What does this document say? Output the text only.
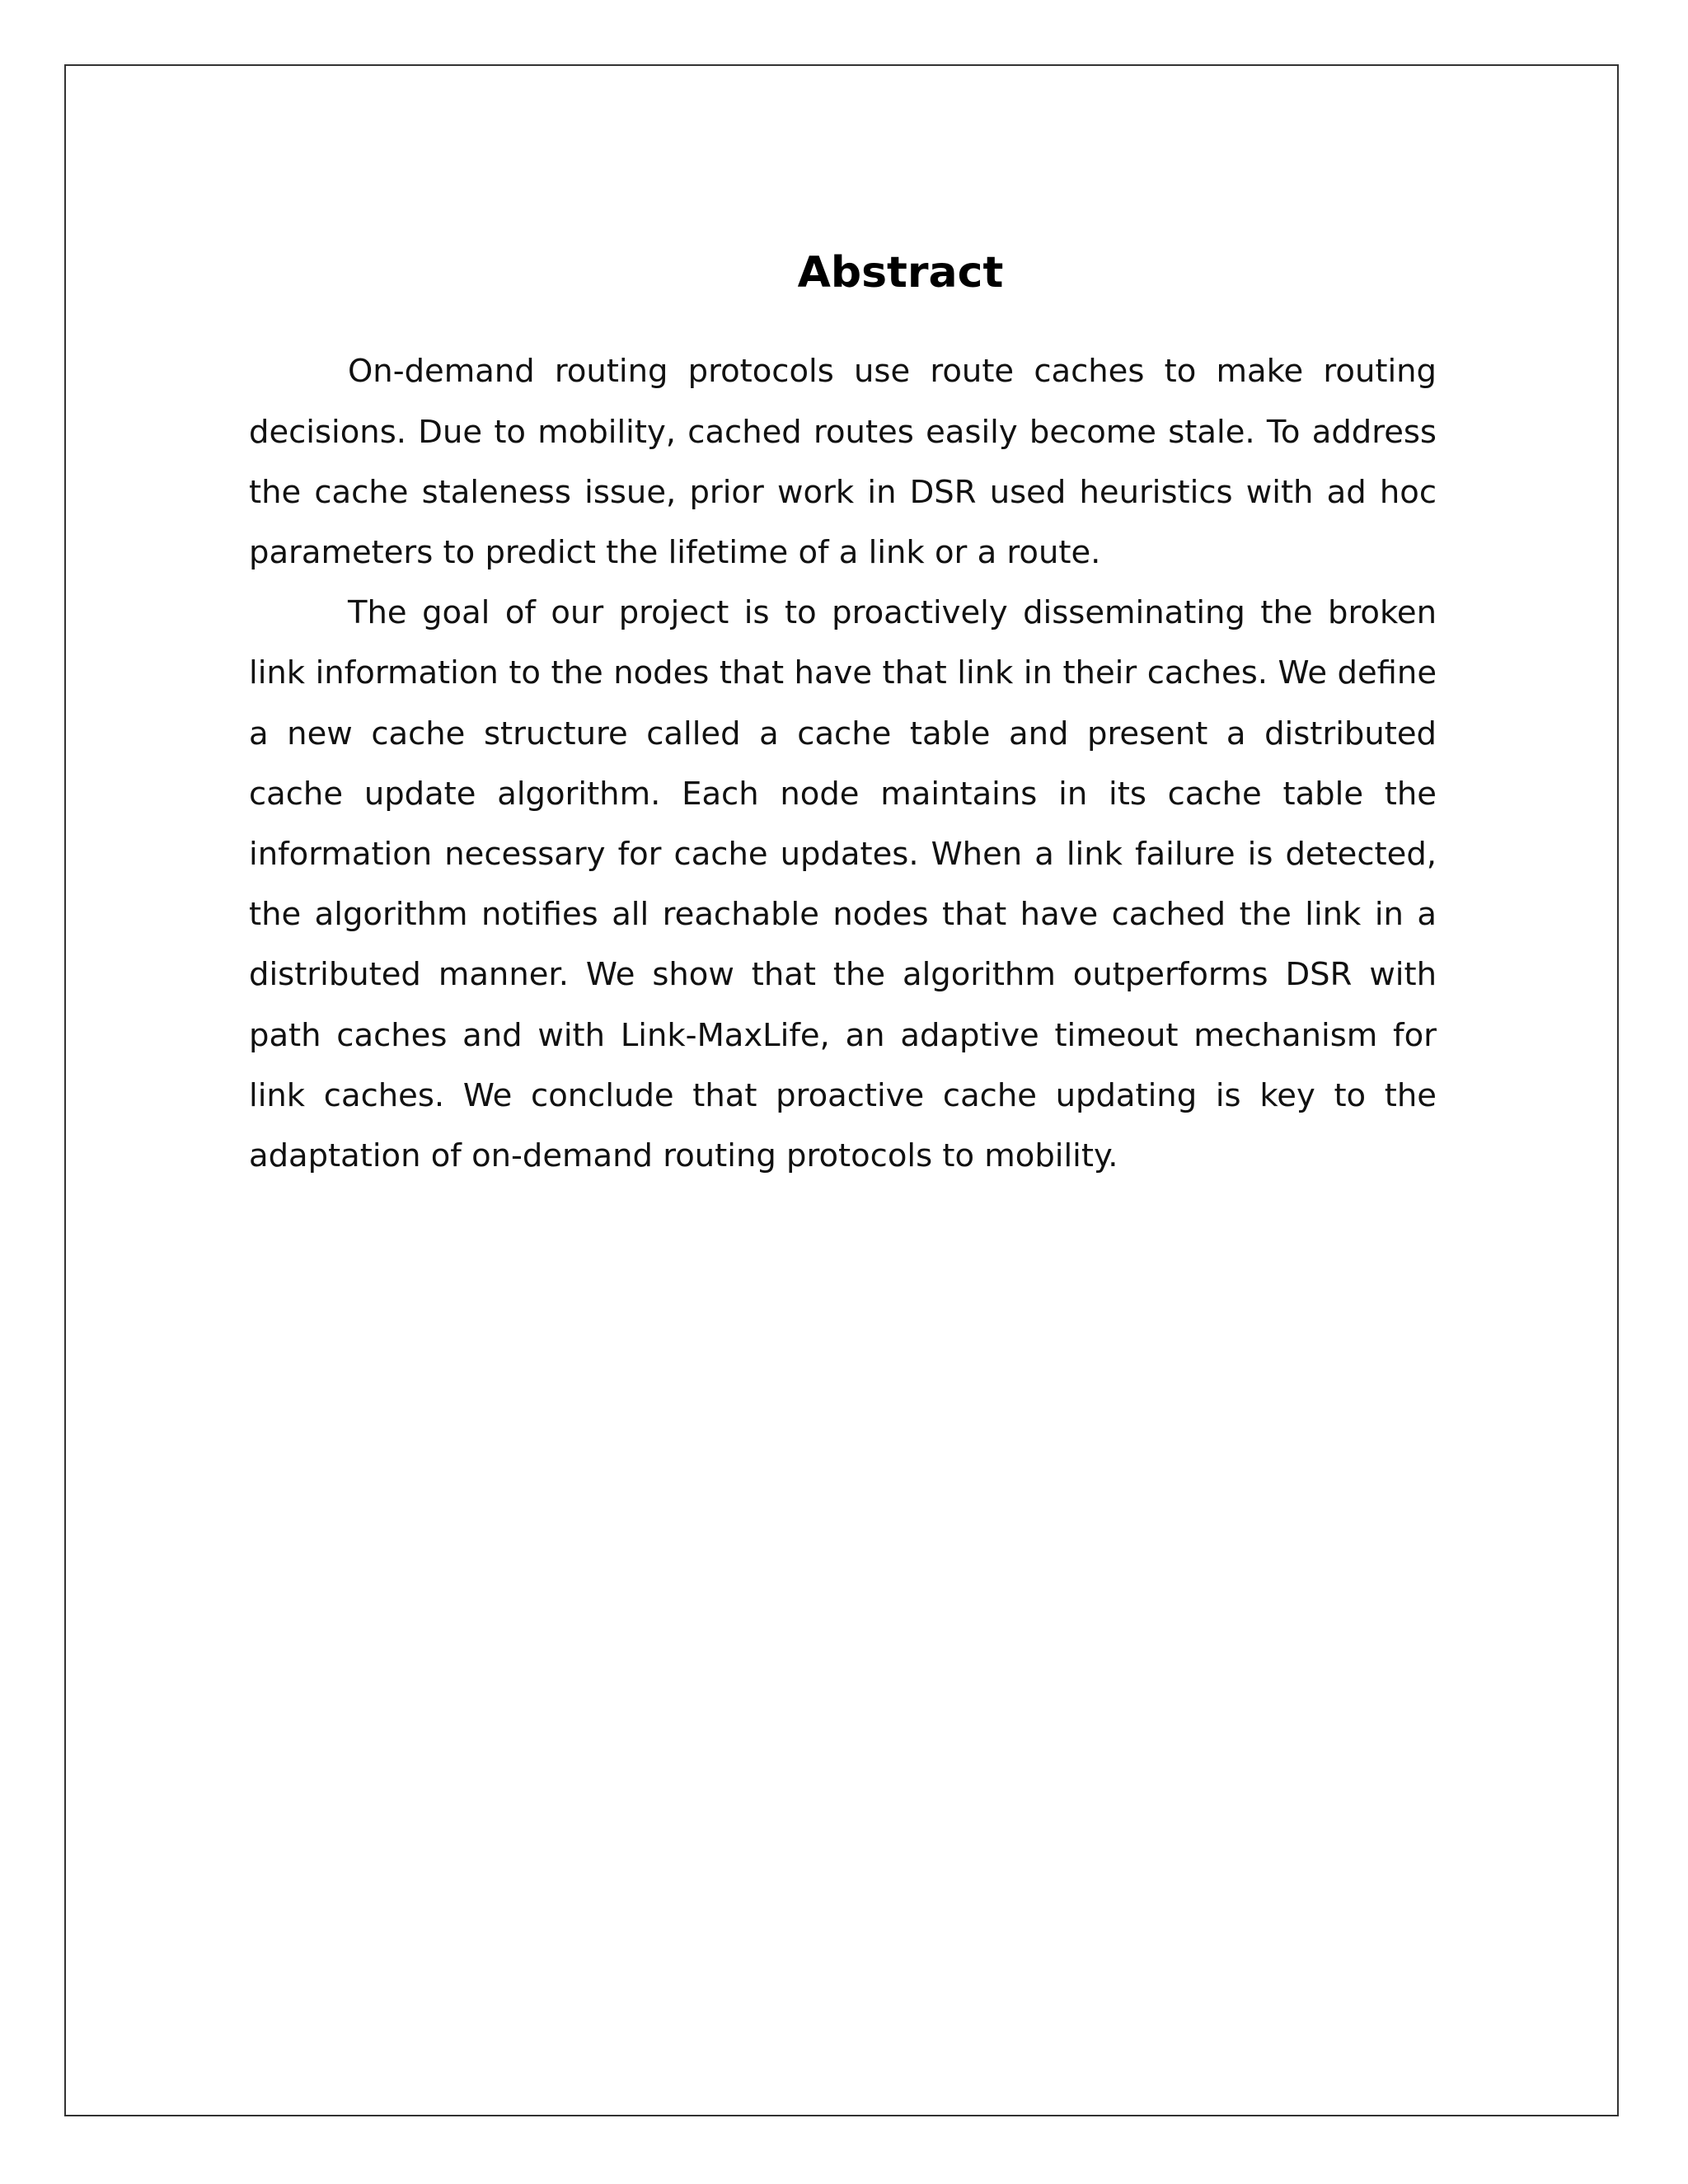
Abstract

On-demand routing protocols use route caches to make routing decisions. Due to mobility, cached routes easily become stale. To address the cache staleness issue, prior work in DSR used heuristics with ad hoc parameters to predict the lifetime of a link or a route.

The goal of our project is to proactively disseminating the broken link information to the nodes that have that link in their caches. We define a new cache structure called a cache table and present a distributed cache update algorithm. Each node maintains in its cache table the information necessary for cache updates. When a link failure is detected, the algorithm notifies all reachable nodes that have cached the link in a distributed manner. We show that the algorithm outperforms DSR with path caches and with Link-MaxLife, an adaptive timeout mechanism for link caches. We conclude that proactive cache updating is key to the adaptation of on-demand routing protocols to mobility.
